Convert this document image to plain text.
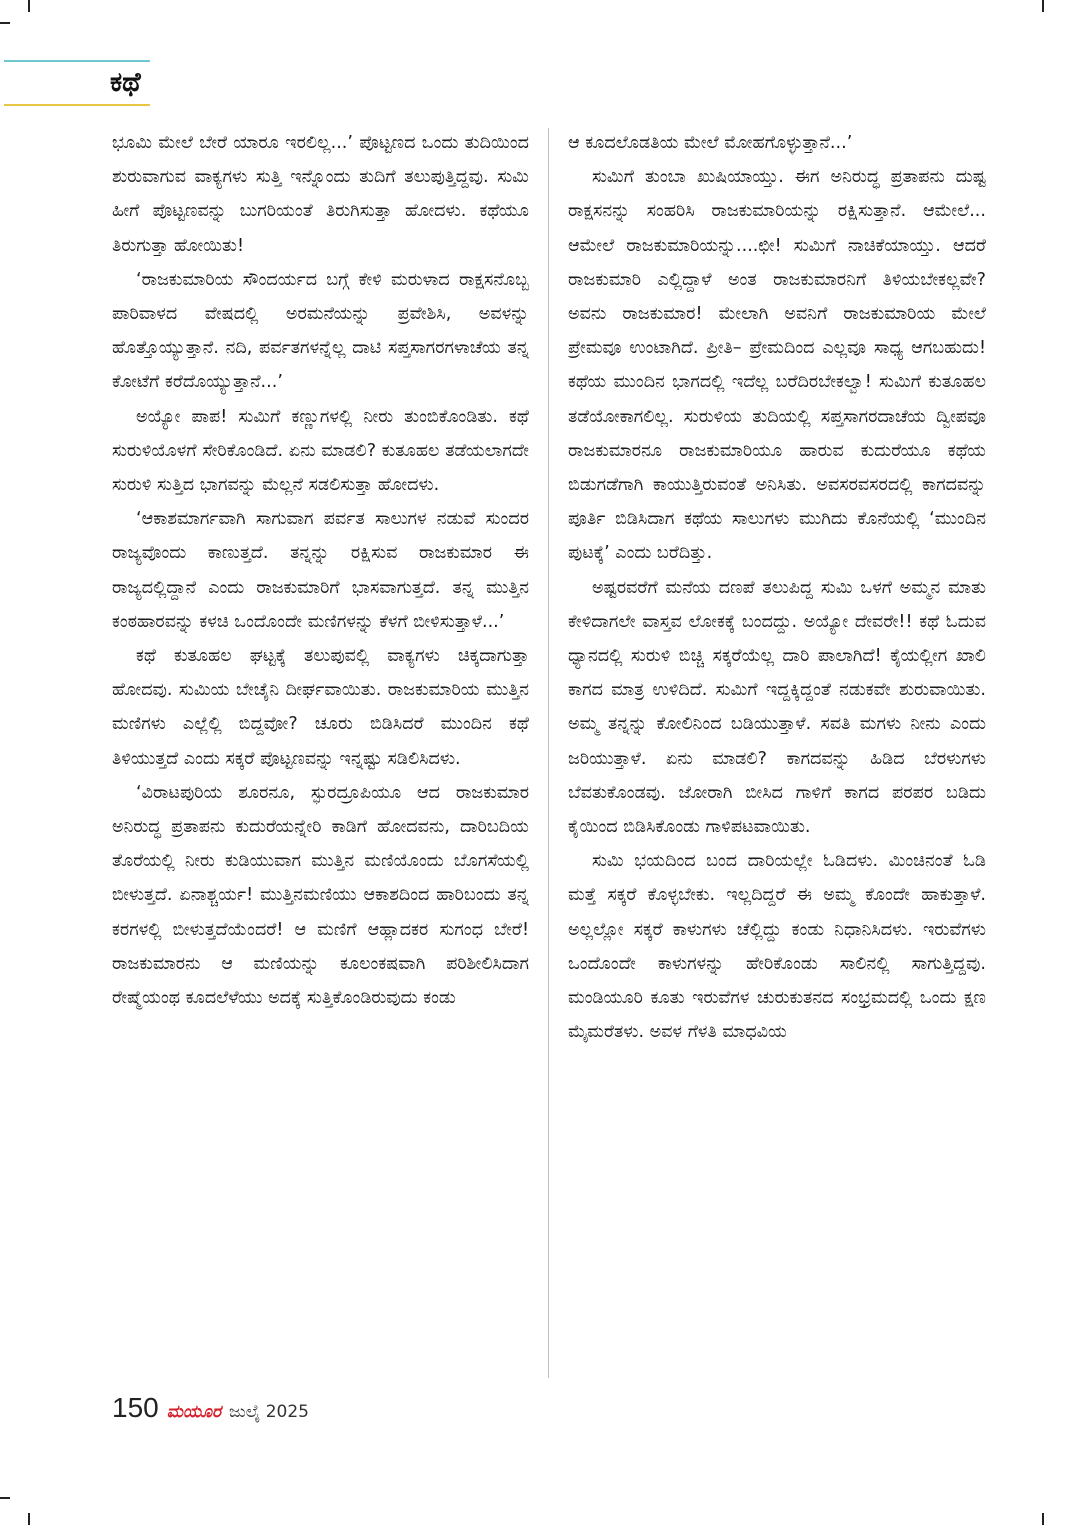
ಕಥೆ

ಭೂಮಿ ಮೇಲೆ ಬೇರೆ ಯಾರೂ ಇರಲಿಲ್ಲ...’ ಪೊಟ್ಟಣದ ಒಂದು ತುದಿಯಿಂದ ಶುರುವಾಗುವ ವಾಕ್ಯಗಳು ಸುತ್ತಿ ಇನ್ನೊಂದು ತುದಿಗೆ ತಲುಪುತ್ತಿದ್ದವು. ಸುಮಿ ಹೀಗೆ ಪೊಟ್ಟಣವನ್ನು ಬುಗರಿಯಂತೆ ತಿರುಗಿಸುತ್ತಾ ಹೋದಳು. ಕಥೆಯೂ ತಿರುಗುತ್ತಾ ಹೋಯಿತು!

‘ರಾಜಕುಮಾರಿಯ ಸೌಂದರ್ಯದ ಬಗ್ಗೆ ಕೇಳಿ ಮರುಳಾದ ರಾಕ್ಷಸನೊಬ್ಬ ಪಾರಿವಾಳದ ವೇಷದಲ್ಲಿ ಅರಮನೆಯನ್ನು ಪ್ರವೇಶಿಸಿ, ಅವಳನ್ನು ಹೊತ್ತೊಯ್ಯುತ್ತಾನೆ. ನದಿ, ಪರ್ವತಗಳನ್ನೆಲ್ಲ ದಾಟಿ ಸಪ್ತಸಾಗರಗಳಾಚೆಯ ತನ್ನ ಕೋಟೆಗೆ ಕರೆದೊಯ್ಯುತ್ತಾನೆ...’

ಅಯ್ಯೋ ಪಾಪ! ಸುಮಿಗೆ ಕಣ್ಣುಗಳಲ್ಲಿ ನೀರು ತುಂಬಿಕೊಂಡಿತು. ಕಥೆ ಸುರುಳಿಯೊಳಗೆ ಸೇರಿಕೊಂಡಿದೆ. ಏನು ಮಾಡಲಿ? ಕುತೂಹಲ ತಡೆಯಲಾಗದೇ ಸುರುಳಿ ಸುತ್ತಿದ ಭಾಗವನ್ನು ಮೆಲ್ಲನೆ ಸಡಲಿಸುತ್ತಾ ಹೋದಳು.

‘ಆಕಾಶಮಾರ್ಗವಾಗಿ ಸಾಗುವಾಗ ಪರ್ವತ ಸಾಲುಗಳ ನಡುವೆ ಸುಂದರ ರಾಜ್ಯವೊಂದು ಕಾಣುತ್ತದೆ. ತನ್ನನ್ನು ರಕ್ಷಿಸುವ ರಾಜಕುಮಾರ ಈ ರಾಜ್ಯದಲ್ಲಿದ್ದಾನೆ ಎಂದು ರಾಜಕುಮಾರಿಗೆ ಭಾಸವಾಗುತ್ತದೆ. ತನ್ನ ಮುತ್ತಿನ ಕಂಠಹಾರವನ್ನು ಕಳಚಿ ಒಂದೊಂದೇ ಮಣಿಗಳನ್ನು ಕೆಳಗೆ ಬೀಳಿಸುತ್ತಾಳೆ...’

ಕಥೆ ಕುತೂಹಲ ಘಟ್ಟಕ್ಕೆ ತಲುಪುವಲ್ಲಿ ವಾಕ್ಯಗಳು ಚಿಕ್ಕದಾಗುತ್ತಾ ಹೋದವು. ಸುಮಿಯ ಬೇಚೈನಿ ದೀರ್ಘವಾಯಿತು. ರಾಜಕುಮಾರಿಯ ಮುತ್ತಿನ ಮಣಿಗಳು ಎಲ್ಲೆಲ್ಲಿ ಬಿದ್ದವೋ? ಚೂರು ಬಿಡಿಸಿದರೆ ಮುಂದಿನ ಕಥೆ ತಿಳಿಯುತ್ತದೆ ಎಂದು ಸಕ್ಕರೆ ಪೊಟ್ಟಣವನ್ನು ಇನ್ನಷ್ಟು ಸಡಿಲಿಸಿದಳು.

‘ವಿರಾಟಪುರಿಯ ಶೂರನೂ, ಸ್ಫುರದ್ರೂಪಿಯೂ ಆದ ರಾಜಕುಮಾರ ಅನಿರುದ್ಧ ಪ್ರತಾಪನು ಕುದುರೆಯನ್ನೇರಿ ಕಾಡಿಗೆ ಹೋದವನು, ದಾರಿಬದಿಯ ತೊರೆಯಲ್ಲಿ ನೀರು ಕುಡಿಯುವಾಗ ಮುತ್ತಿನ ಮಣಿಯೊಂದು ಬೊಗಸೆಯಲ್ಲಿ ಬೀಳುತ್ತದೆ. ಏನಾಶ್ಚರ್ಯ! ಮುತ್ತಿನಮಣಿಯು ಆಕಾಶದಿಂದ ಹಾರಿಬಂದು ತನ್ನ ಕರಗಳಲ್ಲಿ ಬೀಳುತ್ತದೆಯೆಂದರೆ! ಆ ಮಣಿಗೆ ಆಹ್ಲಾದಕರ ಸುಗಂಧ ಬೇರೆ! ರಾಜಕುಮಾರನು ಆ ಮಣಿಯನ್ನು ಕೂಲಂಕಷವಾಗಿ ಪರಿಶೀಲಿಸಿದಾಗ ರೇಷ್ಮೆಯಂಥ ಕೂದಲೆಳೆಯು ಅದಕ್ಕೆ ಸುತ್ತಿಕೊಂಡಿರುವುದು ಕಂಡು

ಆ ಕೂದಲೊಡತಿಯ ಮೇಲೆ ಮೋಹಗೊಳ್ಳುತ್ತಾನೆ...’

ಸುಮಿಗೆ ತುಂಬಾ ಖುಷಿಯಾಯ್ತು. ಈಗ ಅನಿರುದ್ಧ ಪ್ರತಾಪನು ದುಷ್ಟ ರಾಕ್ಷಸನನ್ನು ಸಂಹರಿಸಿ ರಾಜಕುಮಾರಿಯನ್ನು ರಕ್ಷಿಸುತ್ತಾನೆ. ಆಮೇಲೆ... ಆಮೇಲೆ ರಾಜಕುಮಾರಿಯನ್ನು....ಛೀ! ಸುಮಿಗೆ ನಾಚಿಕೆಯಾಯ್ತು. ಆದರೆ ರಾಜಕುಮಾರಿ ಎಲ್ಲಿದ್ದಾಳೆ ಅಂತ ರಾಜಕುಮಾರನಿಗೆ ತಿಳಿಯಬೇಕಲ್ಲವೇ? ಅವನು ರಾಜಕುಮಾರ! ಮೇಲಾಗಿ ಅವನಿಗೆ ರಾಜಕುಮಾರಿಯ ಮೇಲೆ ಪ್ರೇಮವೂ ಉಂಟಾಗಿದೆ. ಪ್ರೀತಿ– ಪ್ರೇಮದಿಂದ ಎಲ್ಲವೂ ಸಾಧ್ಯ ಆಗಬಹುದು! ಕಥೆಯ ಮುಂದಿನ ಭಾಗದಲ್ಲಿ ಇದೆಲ್ಲ ಬರೆದಿರಬೇಕಲ್ವಾ! ಸುಮಿಗೆ ಕುತೂಹಲ ತಡೆಯೋಕಾಗಲಿಲ್ಲ. ಸುರುಳಿಯ ತುದಿಯಲ್ಲಿ ಸಪ್ತಸಾಗರದಾಚೆಯ ದ್ವೀಪವೂ ರಾಜಕುಮಾರನೂ ರಾಜಕುಮಾರಿಯೂ ಹಾರುವ ಕುದುರೆಯೂ ಕಥೆಯ ಬಿಡುಗಡೆಗಾಗಿ ಕಾಯುತ್ತಿರುವಂತೆ ಅನಿಸಿತು. ಅವಸರವಸರದಲ್ಲಿ ಕಾಗದವನ್ನು ಪೂರ್ತಿ ಬಿಡಿಸಿದಾಗ ಕಥೆಯ ಸಾಲುಗಳು ಮುಗಿದು ಕೊನೆಯಲ್ಲಿ ‘ಮುಂದಿನ ಪುಟಕ್ಕೆ’ ಎಂದು ಬರೆದಿತ್ತು.

ಅಷ್ಟರವರೆಗೆ ಮನೆಯ ದಣಪೆ ತಲುಪಿದ್ದ ಸುಮಿ ಒಳಗೆ ಅಮ್ಮನ ಮಾತು ಕೇಳಿದಾಗಲೇ ವಾಸ್ತವ ಲೋಕಕ್ಕೆ ಬಂದದ್ದು. ಅಯ್ಯೋ ದೇವರೇ!! ಕಥೆ ಓದುವ ಧ್ಯಾನದಲ್ಲಿ ಸುರುಳಿ ಬಿಚ್ಚಿ ಸಕ್ಕರೆಯೆಲ್ಲ ದಾರಿ ಪಾಲಾಗಿದೆ! ಕೈಯಲ್ಲೀಗ ಖಾಲಿ ಕಾಗದ ಮಾತ್ರ ಉಳಿದಿದೆ. ಸುಮಿಗೆ ಇದ್ದಕ್ಕಿದ್ದಂತೆ ನಡುಕವೇ ಶುರುವಾಯಿತು. ಅಮ್ಮ ತನ್ನನ್ನು ಕೋಲಿನಿಂದ ಬಡಿಯುತ್ತಾಳೆ. ಸವತಿ ಮಗಳು ನೀನು ಎಂದು ಜರಿಯುತ್ತಾಳೆ. ಏನು ಮಾಡಲಿ? ಕಾಗದವನ್ನು ಹಿಡಿದ ಬೆರಳುಗಳು ಬೆವತುಕೊಂಡವು. ಜೋರಾಗಿ ಬೀಸಿದ ಗಾಳಿಗೆ ಕಾಗದ ಪರಪರ ಬಡಿದು ಕೈಯಿಂದ ಬಿಡಿಸಿಕೊಂಡು ಗಾಳಿಪಟವಾಯಿತು.

ಸುಮಿ ಭಯದಿಂದ ಬಂದ ದಾರಿಯಲ್ಲೇ ಓಡಿದಳು. ಮಿಂಚಿನಂತೆ ಓಡಿ ಮತ್ತೆ ಸಕ್ಕರೆ ಕೊಳ್ಳಬೇಕು. ಇಲ್ಲದಿದ್ದರೆ ಈ ಅಮ್ಮ ಕೊಂದೇ ಹಾಕುತ್ತಾಳೆ. ಅಲ್ಲಲ್ಲೋ ಸಕ್ಕರೆ ಕಾಳುಗಳು ಚೆಲ್ಲಿದ್ದು ಕಂಡು ನಿಧಾನಿಸಿದಳು. ಇರುವೆಗಳು ಒಂದೊಂದೇ ಕಾಳುಗಳನ್ನು ಹೇರಿಕೊಂಡು ಸಾಲಿನಲ್ಲಿ ಸಾಗುತ್ತಿದ್ದವು. ಮಂಡಿಯೂರಿ ಕೂತು ಇರುವೆಗಳ ಚುರುಕುತನದ ಸಂಭ್ರಮದಲ್ಲಿ ಒಂದು ಕ್ಷಣ ಮೈಮರೆತಳು. ಅವಳ ಗೆಳತಿ ಮಾಧವಿಯ

150 ಮಯೂರ ಜುಲೈ 2025
